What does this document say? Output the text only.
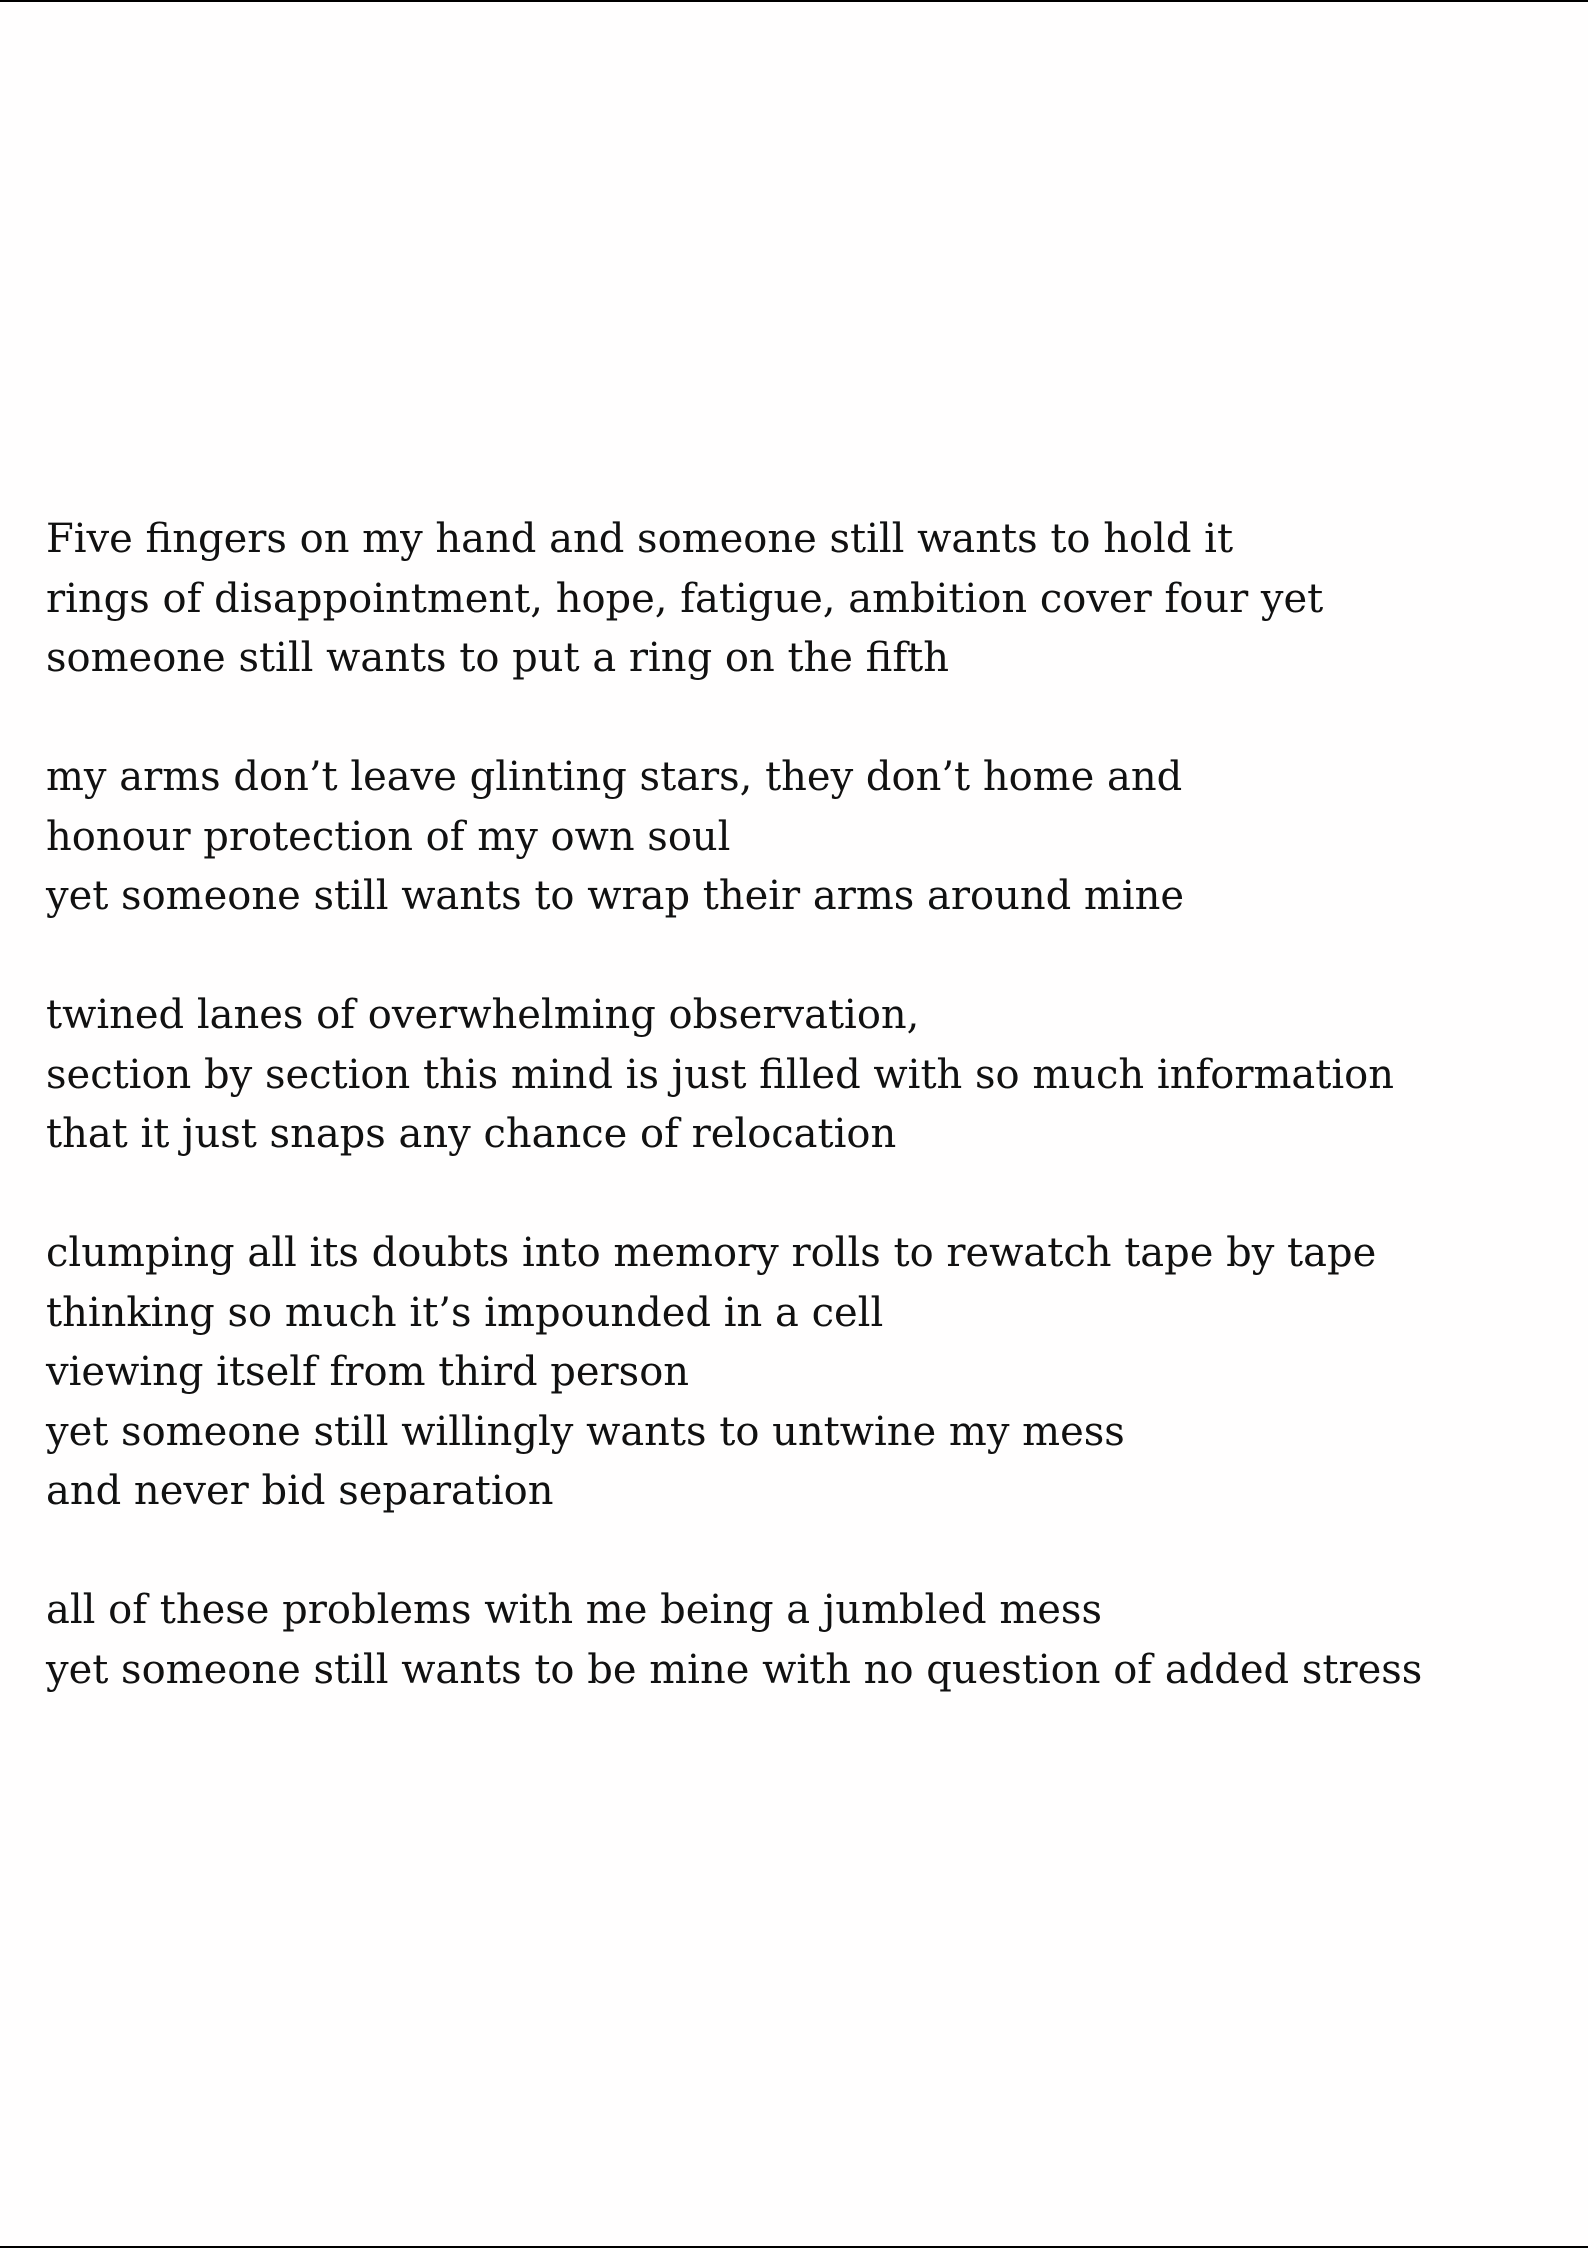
Five fingers on my hand and someone still wants to hold it
rings of disappointment, hope, fatigue, ambition cover four yet
someone still wants to put a ring on the fifth
my arms don’t leave glinting stars, they don’t home and
honour protection of my own soul
yet someone still wants to wrap their arms around mine
twined lanes of overwhelming observation,
section by section this mind is just filled with so much information
that it just snaps any chance of relocation
clumping all its doubts into memory rolls to rewatch tape by tape
thinking so much it’s impounded in a cell
viewing itself from third person
yet someone still willingly wants to untwine my mess
and never bid separation
all of these problems with me being a jumbled mess
yet someone still wants to be mine with no question of added stress
